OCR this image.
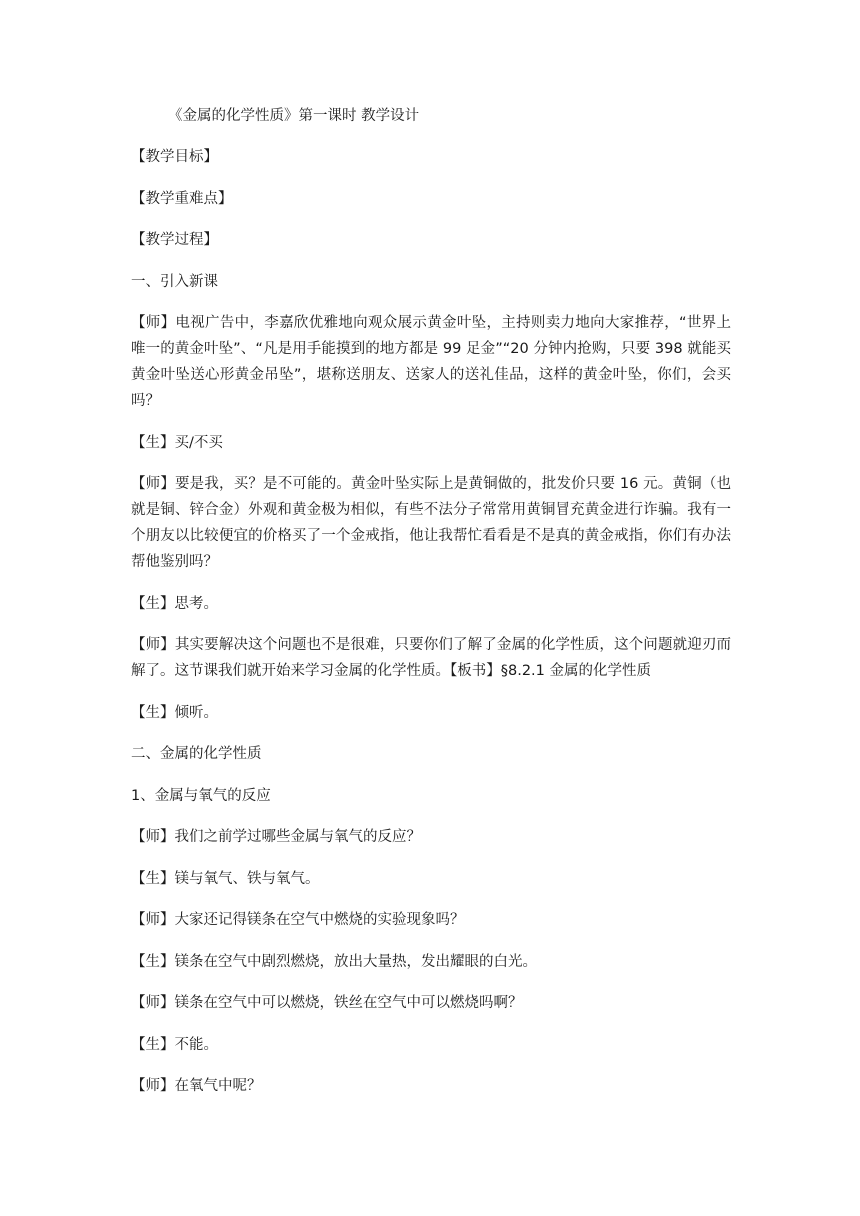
《金属的化学性质》第一课时 教学设计

【教学目标】

【教学重难点】

【教学过程】

一、引入新课

【师】电视广告中，李嘉欣优雅地向观众展示黄金叶坠，主持则卖力地向大家推荐，“世界上唯一的黄金叶坠”、“凡是用手能摸到的地方都是 99 足金”“20 分钟内抢购，只要 398 就能买黄金叶坠送心形黄金吊坠”，堪称送朋友、送家人的送礼佳品，这样的黄金叶坠，你们，会买吗？

【生】买/不买

【师】要是我，买？是不可能的。黄金叶坠实际上是黄铜做的，批发价只要 16 元。黄铜（也就是铜、锌合金）外观和黄金极为相似，有些不法分子常常用黄铜冒充黄金进行诈骗。我有一个朋友以比较便宜的价格买了一个金戒指，他让我帮忙看看是不是真的黄金戒指，你们有办法帮他鉴别吗？

【生】思考。

【师】其实要解决这个问题也不是很难，只要你们了解了金属的化学性质，这个问题就迎刃而解了。这节课我们就开始来学习金属的化学性质。【板书】§8.2.1 金属的化学性质

【生】倾听。

二、金属的化学性质

1、金属与氧气的反应

【师】我们之前学过哪些金属与氧气的反应？

【生】镁与氧气、铁与氧气。

【师】大家还记得镁条在空气中燃烧的实验现象吗？

【生】镁条在空气中剧烈燃烧，放出大量热，发出耀眼的白光。

【师】镁条在空气中可以燃烧，铁丝在空气中可以燃烧吗啊？

【生】不能。

【师】在氧气中呢？
